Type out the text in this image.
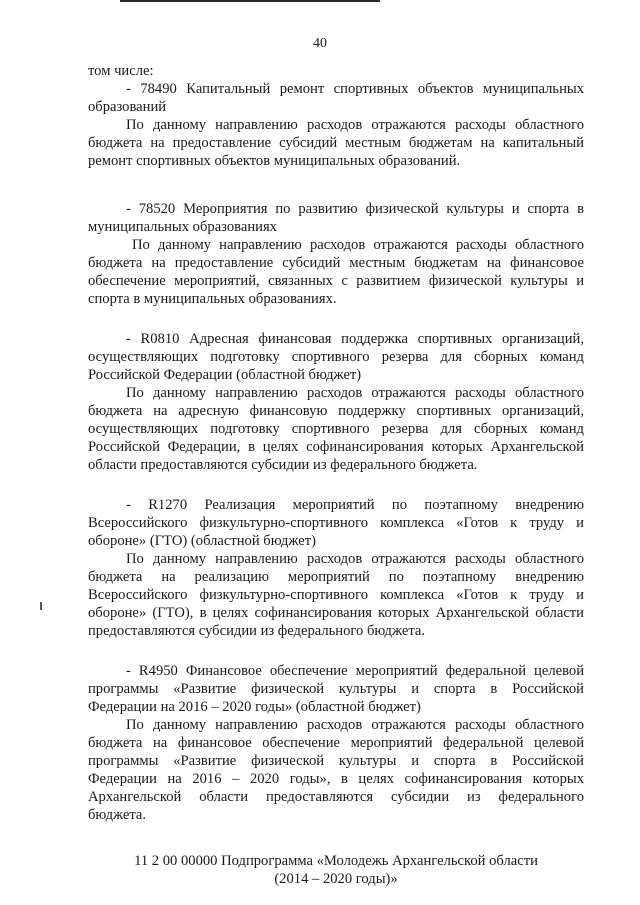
40

том числе:

- 78490 Капитальный ремонт спортивных объектов муниципальных
образований
По данному направлению расходов отражаются расходы областного
бюджета на предоставление субсидий местным бюджетам на капитальный
ремонт спортивных объектов муниципальных образований.
- 78520 Мероприятия по развитию физической культуры и спорта в
муниципальных образованиях
По данному направлению расходов отражаются расходы областного
бюджета на предоставление субсидий местным бюджетам на финансовое
обеспечение мероприятий, связанных с развитием физической культуры и
спорта в муниципальных образованиях.
- R0810 Адресная финансовая поддержка спортивных организаций,
осуществляющих подготовку спортивного резерва для сборных команд
Российской Федерации (областной бюджет)
По данному направлению расходов отражаются расходы областного
бюджета на адресную финансовую поддержку спортивных организаций,
осуществляющих подготовку спортивного резерва для сборных команд
Российской Федерации, в целях софинансирования которых Архангельской
области предоставляются субсидии из федерального бюджета.
- R1270 Реализация мероприятий по поэтапному внедрению
Всероссийского физкультурно-спортивного комплекса «Готов к труду и
обороне» (ГТО) (областной бюджет)
По данному направлению расходов отражаются расходы областного
бюджета на реализацию мероприятий по поэтапному внедрению
Всероссийского физкультурно-спортивного комплекса «Готов к труду и
обороне» (ГТО), в целях софинансирования которых Архангельской области
предоставляются субсидии из федерального бюджета.
- R4950 Финансовое обеспечение мероприятий федеральной целевой
программы «Развитие физической культуры и спорта в Российской
Федерации на 2016 – 2020 годы» (областной бюджет)
По данному направлению расходов отражаются расходы областного
бюджета на финансовое обеспечение мероприятий федеральной целевой
программы «Развитие физической культуры и спорта в Российской
Федерации на 2016 – 2020 годы», в целях софинансирования которых
Архангельской области предоставляются субсидии из федерального
бюджета.
11 2 00 00000 Подпрограмма «Молодежь Архангельской области
(2014 – 2020 годы)»
